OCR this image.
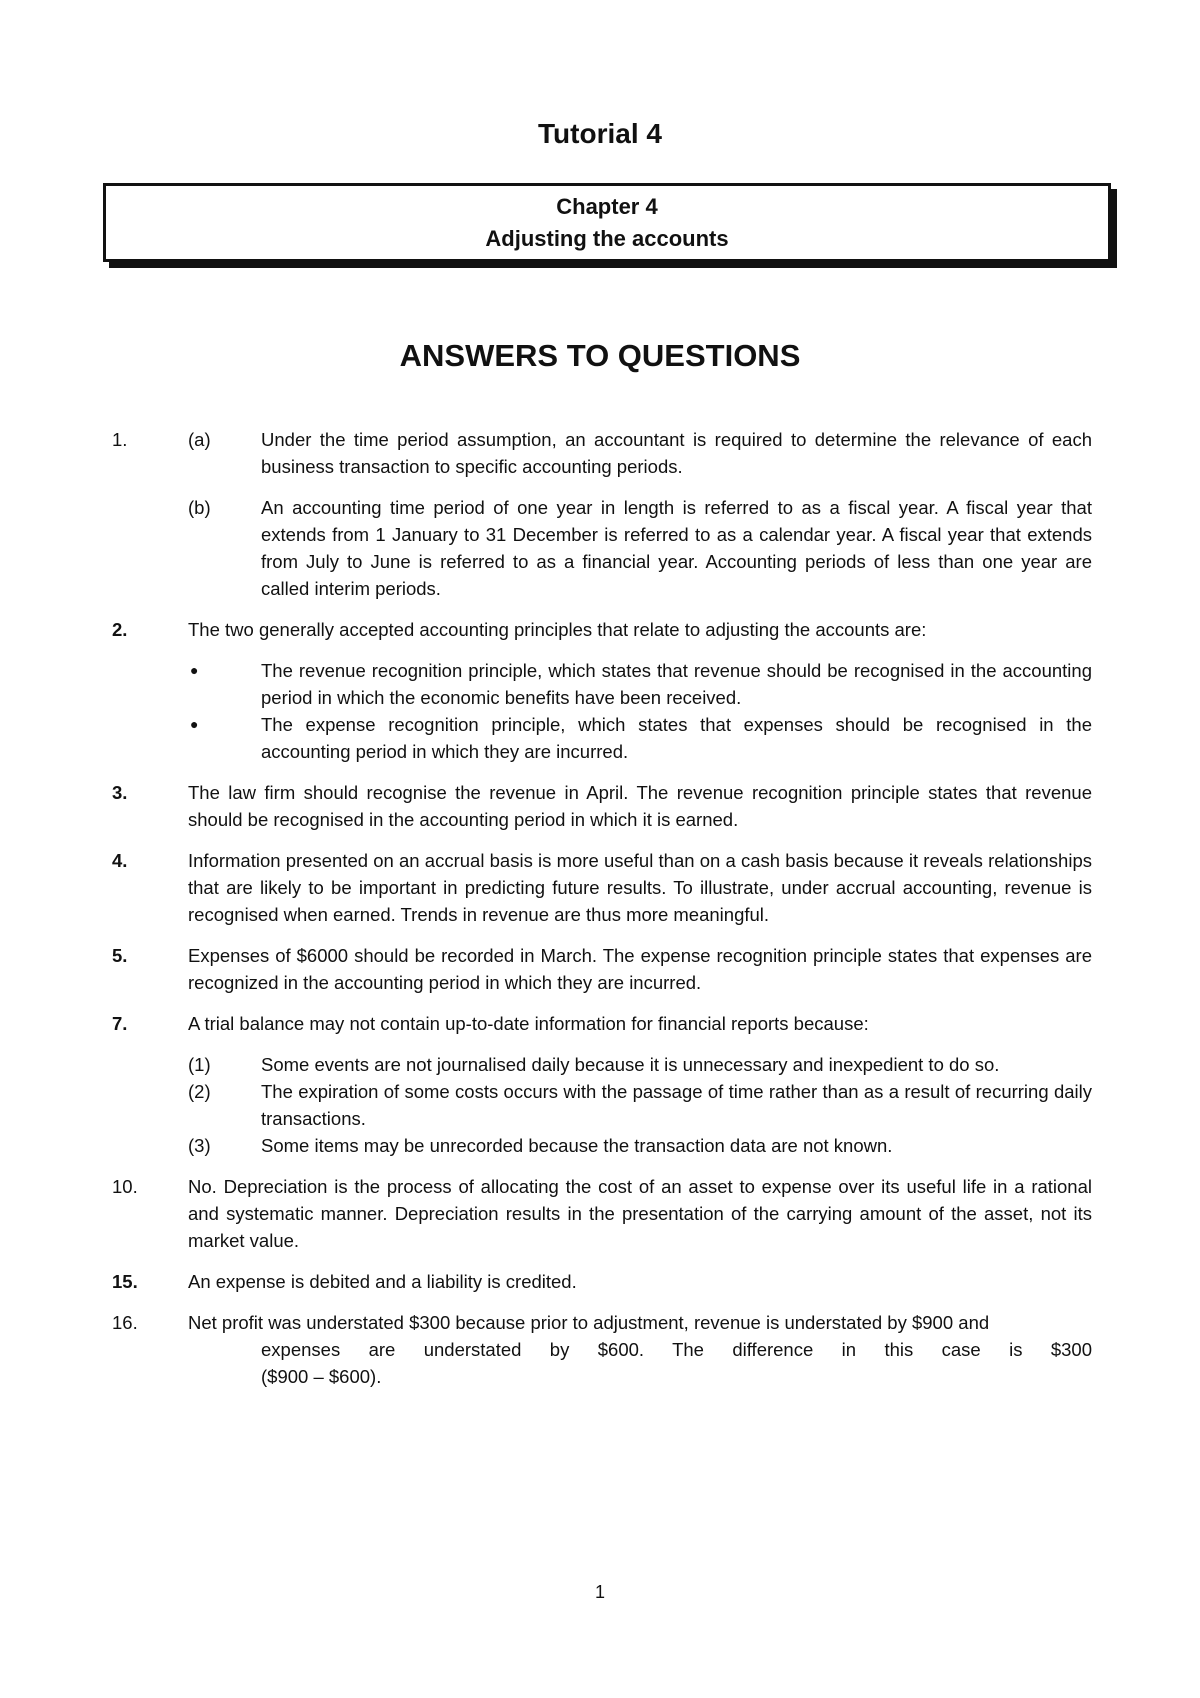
Tutorial 4
Chapter 4
Adjusting the accounts
ANSWERS TO QUESTIONS
1.	(a)	Under the time period assumption, an accountant is required to determine the relevance of each business transaction to specific accounting periods.
(b)	An accounting time period of one year in length is referred to as a fiscal year. A fiscal year that extends from 1 January to 31 December is referred to as a calendar year. A fiscal year that extends from July to June is referred to as a financial year. Accounting periods of less than one year are called interim periods.
2.	The two generally accepted accounting principles that relate to adjusting the accounts are:
●	The revenue recognition principle, which states that revenue should be recognised in the accounting period in which the economic benefits have been received.
●	The expense recognition principle, which states that expenses should be recognised in the accounting period in which they are incurred.
3.	The law firm should recognise the revenue in April. The revenue recognition principle states that revenue should be recognised in the accounting period in which it is earned.
4.	Information presented on an accrual basis is more useful than on a cash basis because it reveals relationships that are likely to be important in predicting future results. To illustrate, under accrual accounting, revenue is recognised when earned. Trends in revenue are thus more meaningful.
5.	Expenses of $6000 should be recorded in March. The expense recognition principle states that expenses are recognized in the accounting period in which they are incurred.
7.	A trial balance may not contain up-to-date information for financial reports because:
(1)	Some events are not journalised daily because it is unnecessary and inexpedient to do so.
(2)	The expiration of some costs occurs with the passage of time rather than as a result of recurring daily transactions.
(3)	Some items may be unrecorded because the transaction data are not known.
10.	No. Depreciation is the process of allocating the cost of an asset to expense over its useful life in a rational and systematic manner. Depreciation results in the presentation of the carrying amount of the asset, not its market value.
15.	An expense is debited and a liability is credited.
16.	Net profit was understated $300 because prior to adjustment, revenue is understated by $900 and
expenses are understated by $600. The difference in this case is $300
($900 – $600).
1
